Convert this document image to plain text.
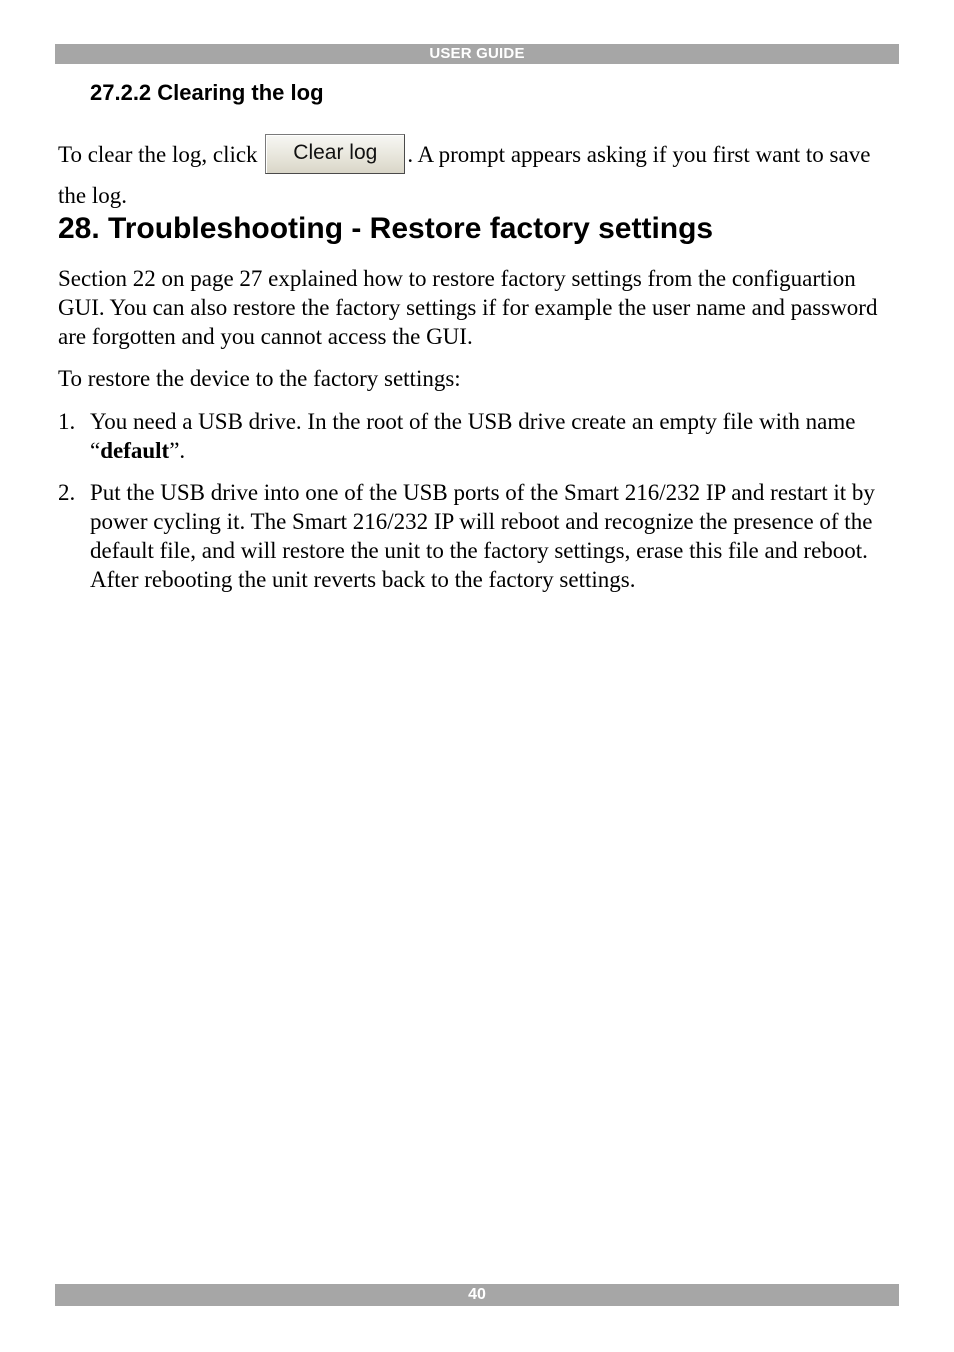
USER GUIDE
27.2.2 Clearing the log

To clear the log, click Clear log . A prompt appears asking if you first want to save the log.

28. Troubleshooting - Restore factory settings

Section 22 on page 27 explained how to restore factory settings from the configuartion GUI. You can also restore the factory settings if for example the user name and password are forgotten and you cannot access the GUI.

To restore the device to the factory settings:

1. You need a USB drive. In the root of the USB drive create an empty file with name “default”.
2. Put the USB drive into one of the USB ports of the Smart 216/232 IP and restart it by power cycling it. The Smart 216/232 IP will reboot and recognize the presence of the default file, and will restore the unit to the factory settings, erase this file and reboot. After rebooting the unit reverts back to the factory settings.
40
